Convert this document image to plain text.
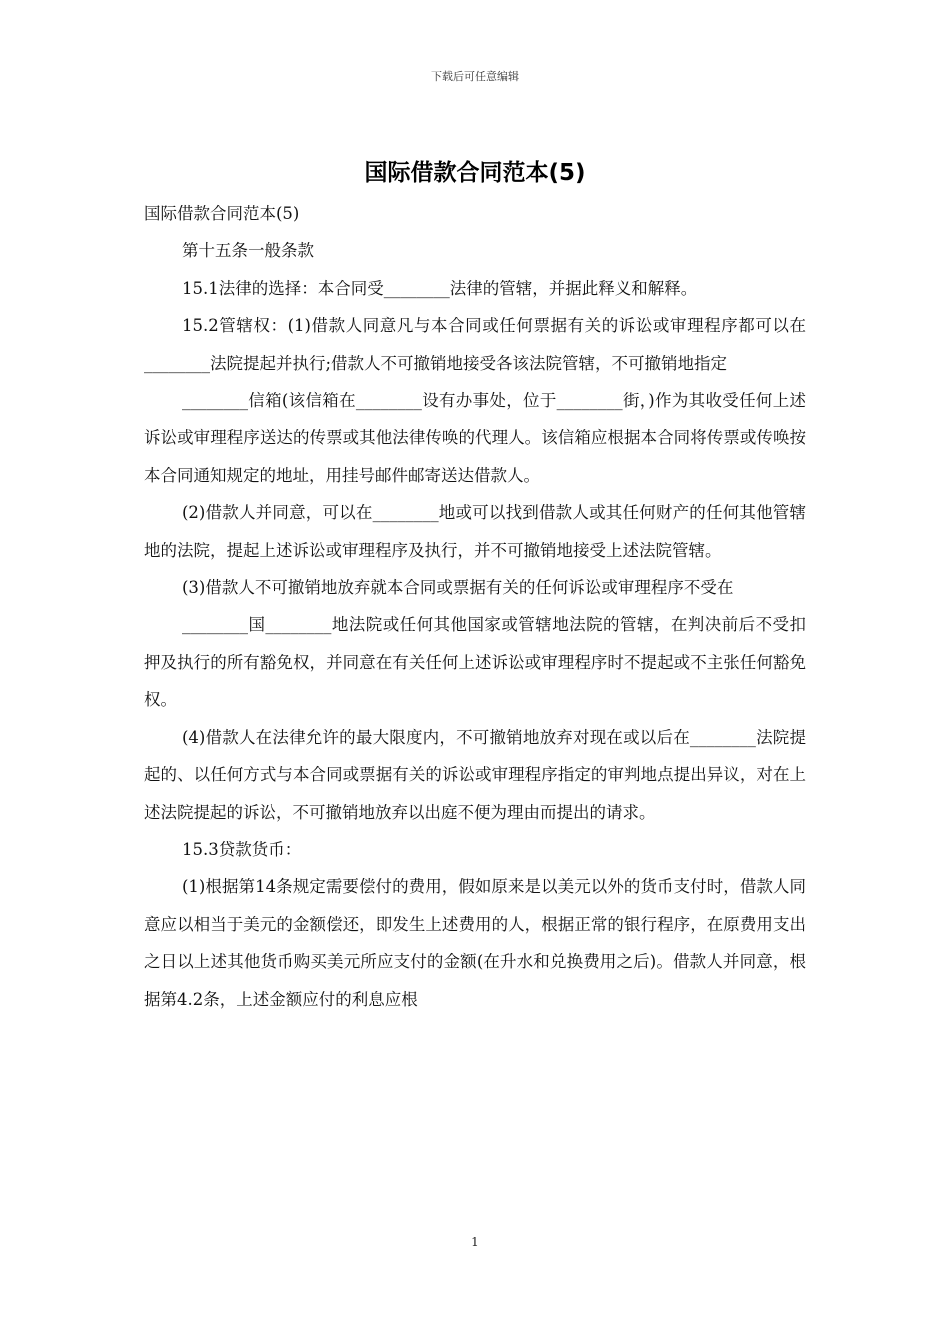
下载后可任意编辑
国际借款合同范本(5)

国际借款合同范本(5)

第十五条一般条款

15.1法律的选择：本合同受________法律的管辖，并据此释义和解释。

15.2管辖权：(1)借款人同意凡与本合同或任何票据有关的诉讼或审理程序都可以在________法院提起并执行;借款人不可撤销地接受各该法院管辖，不可撤销地指定

________信箱(该信箱在________设有办事处，位于________街，)作为其收受任何上述诉讼或审理程序送达的传票或其他法律传唤的代理人。该信箱应根据本合同将传票或传唤按本合同通知规定的地址，用挂号邮件邮寄送达借款人。

(2)借款人并同意，可以在________地或可以找到借款人或其任何财产的任何其他管辖地的法院，提起上述诉讼或审理程序及执行，并不可撤销地接受上述法院管辖。

(3)借款人不可撤销地放弃就本合同或票据有关的任何诉讼或审理程序不受在

________国________地法院或任何其他国家或管辖地法院的管辖，在判决前后不受扣押及执行的所有豁免权，并同意在有关任何上述诉讼或审理程序时不提起或不主张任何豁免权。

(4)借款人在法律允许的最大限度内，不可撤销地放弃对现在或以后在________法院提起的、以任何方式与本合同或票据有关的诉讼或审理程序指定的审判地点提出异议，对在上述法院提起的诉讼，不可撤销地放弃以出庭不便为理由而提出的请求。

15.3贷款货币：

(1)根据第14条规定需要偿付的费用，假如原来是以美元以外的货币支付时，借款人同意应以相当于美元的金额偿还，即发生上述费用的人，根据正常的银行程序，在原费用支出之日以上述其他货币购买美元所应支付的金额(在升水和兑换费用之后)。借款人并同意，根据第4.2条，上述金额应付的利息应根

1
